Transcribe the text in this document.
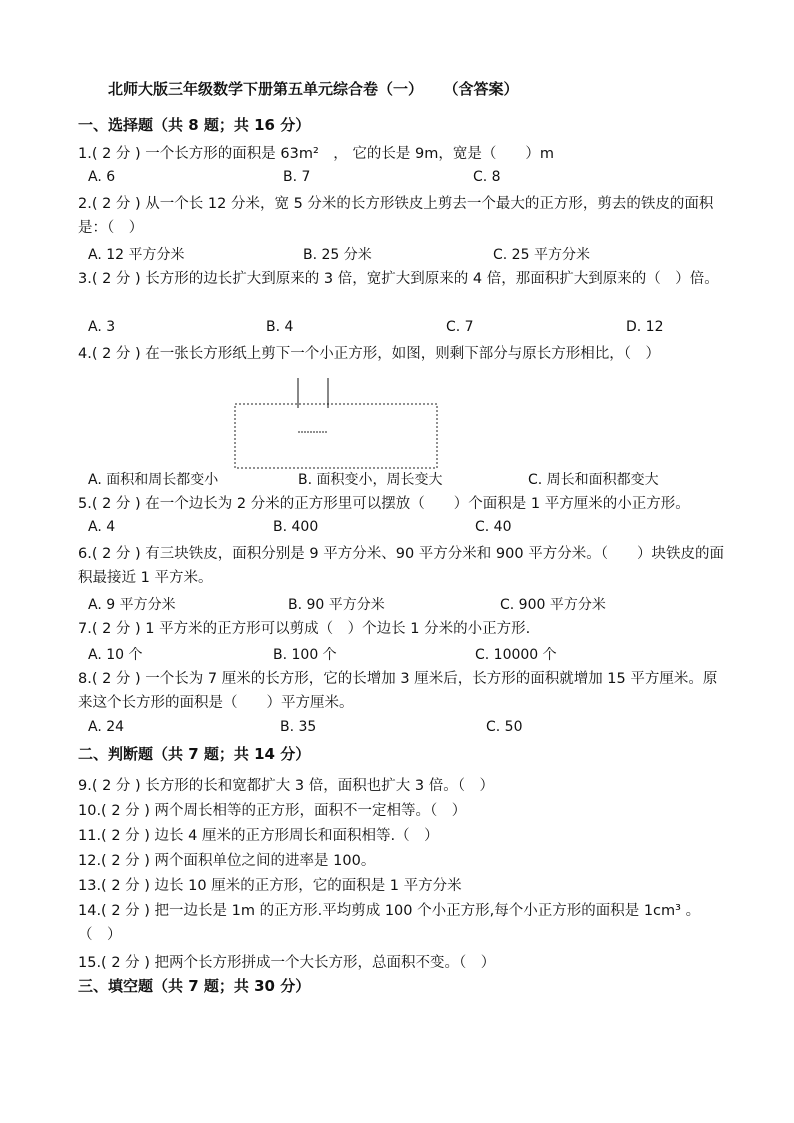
北师大版三年级数学下册第五单元综合卷（一） （含答案）
一、选择题（共 8 题；共 16 分）
1.( 2 分 ) 一个长方形的面积是 63m²　， 它的长是 9m，宽是（　　）m
A. 6	B. 7	C. 8
2.( 2 分 ) 从一个长 12 分米，宽 5 分米的长方形铁皮上剪去一个最大的正方形，剪去的铁皮的面积是：（　）
A. 12 平方分米	B. 25 分米	C. 25 平方分米
3.( 2 分 ) 长方形的边长扩大到原来的 3 倍，宽扩大到原来的 4 倍，那面积扩大到原来的（　）倍。
A. 3	B. 4	C. 7	D. 12
4.( 2 分 ) 在一张长方形纸上剪下一个小正方形，如图，则剩下部分与原长方形相比，（　）
A. 面积和周长都变小	B. 面积变小，周长变大	C. 周长和面积都变大
5.( 2 分 ) 在一个边长为 2 分米的正方形里可以摆放（　　）个面积是 1 平方厘米的小正方形。
A. 4	B. 400	C. 40
6.( 2 分 ) 有三块铁皮，面积分别是 9 平方分米、90 平方分米和 900 平方分米。（　　）块铁皮的面积最接近 1 平方米。
A. 9 平方分米	B. 90 平方分米	C. 900 平方分米
7.( 2 分 ) 1 平方米的正方形可以剪成（　）个边长 1 分米的小正方形.
A. 10 个	B. 100 个	C. 10000 个
8.( 2 分 ) 一个长为 7 厘米的长方形，它的长增加 3 厘米后，长方形的面积就增加 15 平方厘米。原来这个长方形的面积是（　　）平方厘米。
A. 24	B. 35	C. 50
二、判断题（共 7 题；共 14 分）
9.( 2 分 ) 长方形的长和宽都扩大 3 倍，面积也扩大 3 倍。（　）
10.( 2 分 ) 两个周长相等的正方形，面积不一定相等。（　）
11.( 2 分 ) 边长 4 厘米的正方形周长和面积相等.（　）
12.( 2 分 ) 两个面积单位之间的进率是 100。
13.( 2 分 ) 边长 10 厘米的正方形，它的面积是 1 平方分米
14.( 2 分 ) 把一边长是 1m 的正方形.平均剪成 100 个小正方形,每个小正方形的面积是 1cm³ 。（　）
15.( 2 分 ) 把两个长方形拼成一个大长方形，总面积不变。（　）
三、填空题（共 7 题；共 30 分）
